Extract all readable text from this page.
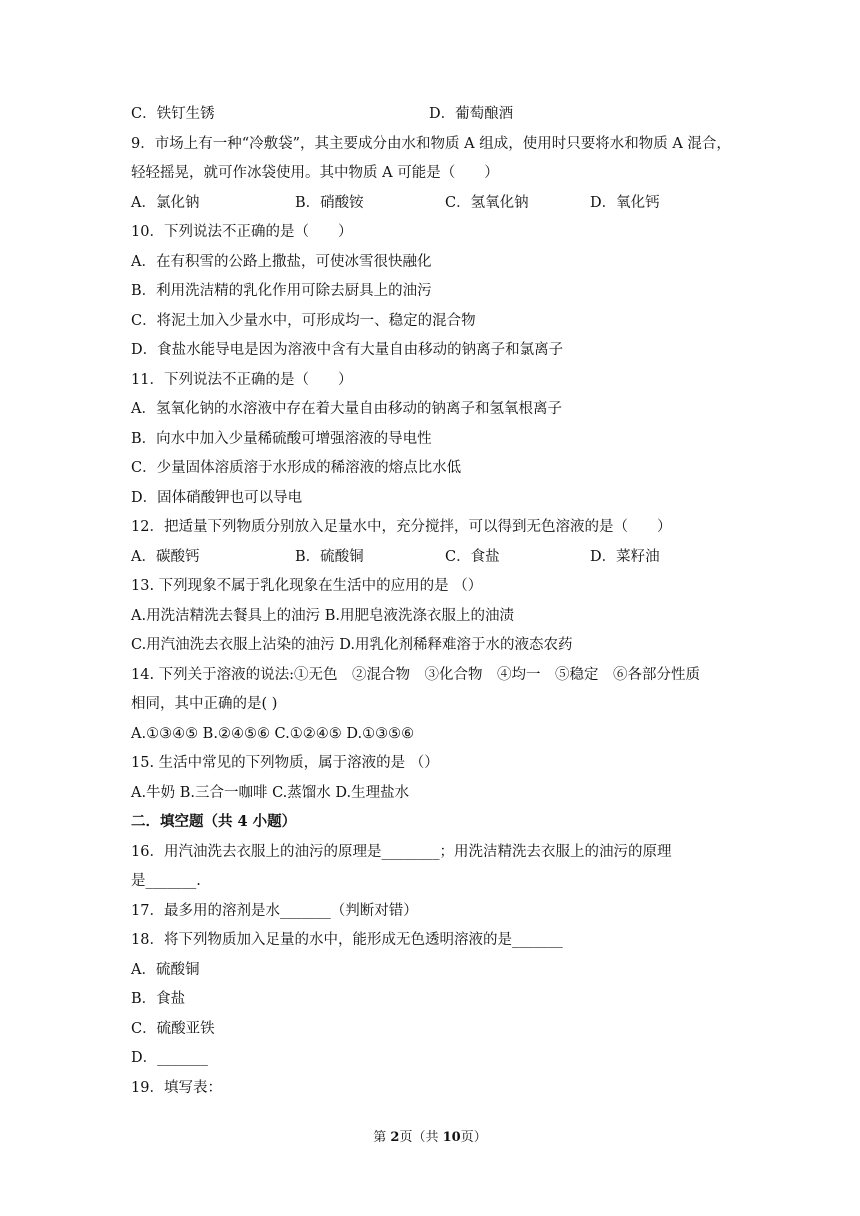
C．铁钉生锈	D．葡萄酿酒
9．市场上有一种“冷敷袋”，其主要成分由水和物质 A 组成，使用时只要将水和物质 A 混合，
轻轻摇晃，就可作冰袋使用。其中物质 A 可能是（　　）
A．氯化钠	B．硝酸铵	C．氢氧化钠	D．氧化钙
10．下列说法不正确的是（　　）
A．在有积雪的公路上撒盐，可使冰雪很快融化
B．利用洗洁精的乳化作用可除去厨具上的油污
C．将泥土加入少量水中，可形成均一、稳定的混合物
D．食盐水能导电是因为溶液中含有大量自由移动的钠离子和氯离子
11．下列说法不正确的是（　　）
A．氢氧化钠的水溶液中存在着大量自由移动的钠离子和氢氧根离子
B．向水中加入少量稀硫酸可增强溶液的导电性
C．少量固体溶质溶于水形成的稀溶液的熔点比水低
D．固体硝酸钾也可以导电
12．把适量下列物质分别放入足量水中，充分搅拌，可以得到无色溶液的是（　　）
A．碳酸钙	B．硫酸铜	C．食盐	D．菜籽油
13. 下列现象不属于乳化现象在生活中的应用的是 （）
A.用洗洁精洗去餐具上的油污 B.用肥皂液洗涤衣服上的油渍
C.用汽油洗去衣服上沾染的油污 D.用乳化剂稀释难溶于水的液态农药
14. 下列关于溶液的说法:①无色　②混合物　③化合物　④均一　⑤稳定　⑥各部分性质
相同，其中正确的是( )
A.①③④⑤ B.②④⑤⑥ C.①②④⑤ D.①③⑤⑥
15. 生活中常见的下列物质，属于溶液的是 （）
A.牛奶 B.三合一咖啡 C.蒸馏水 D.生理盐水
二．填空题（共 4 小题）
16．用汽油洗去衣服上的油污的原理是________；用洗洁精洗去衣服上的油污的原理
是_______.
17．最多用的溶剂是水_______（判断对错）
18．将下列物质加入足量的水中，能形成无色透明溶液的是_______
A．硫酸铜
B．食盐
C．硫酸亚铁
D．_______
19．填写表：
第 2页（共 10页）
